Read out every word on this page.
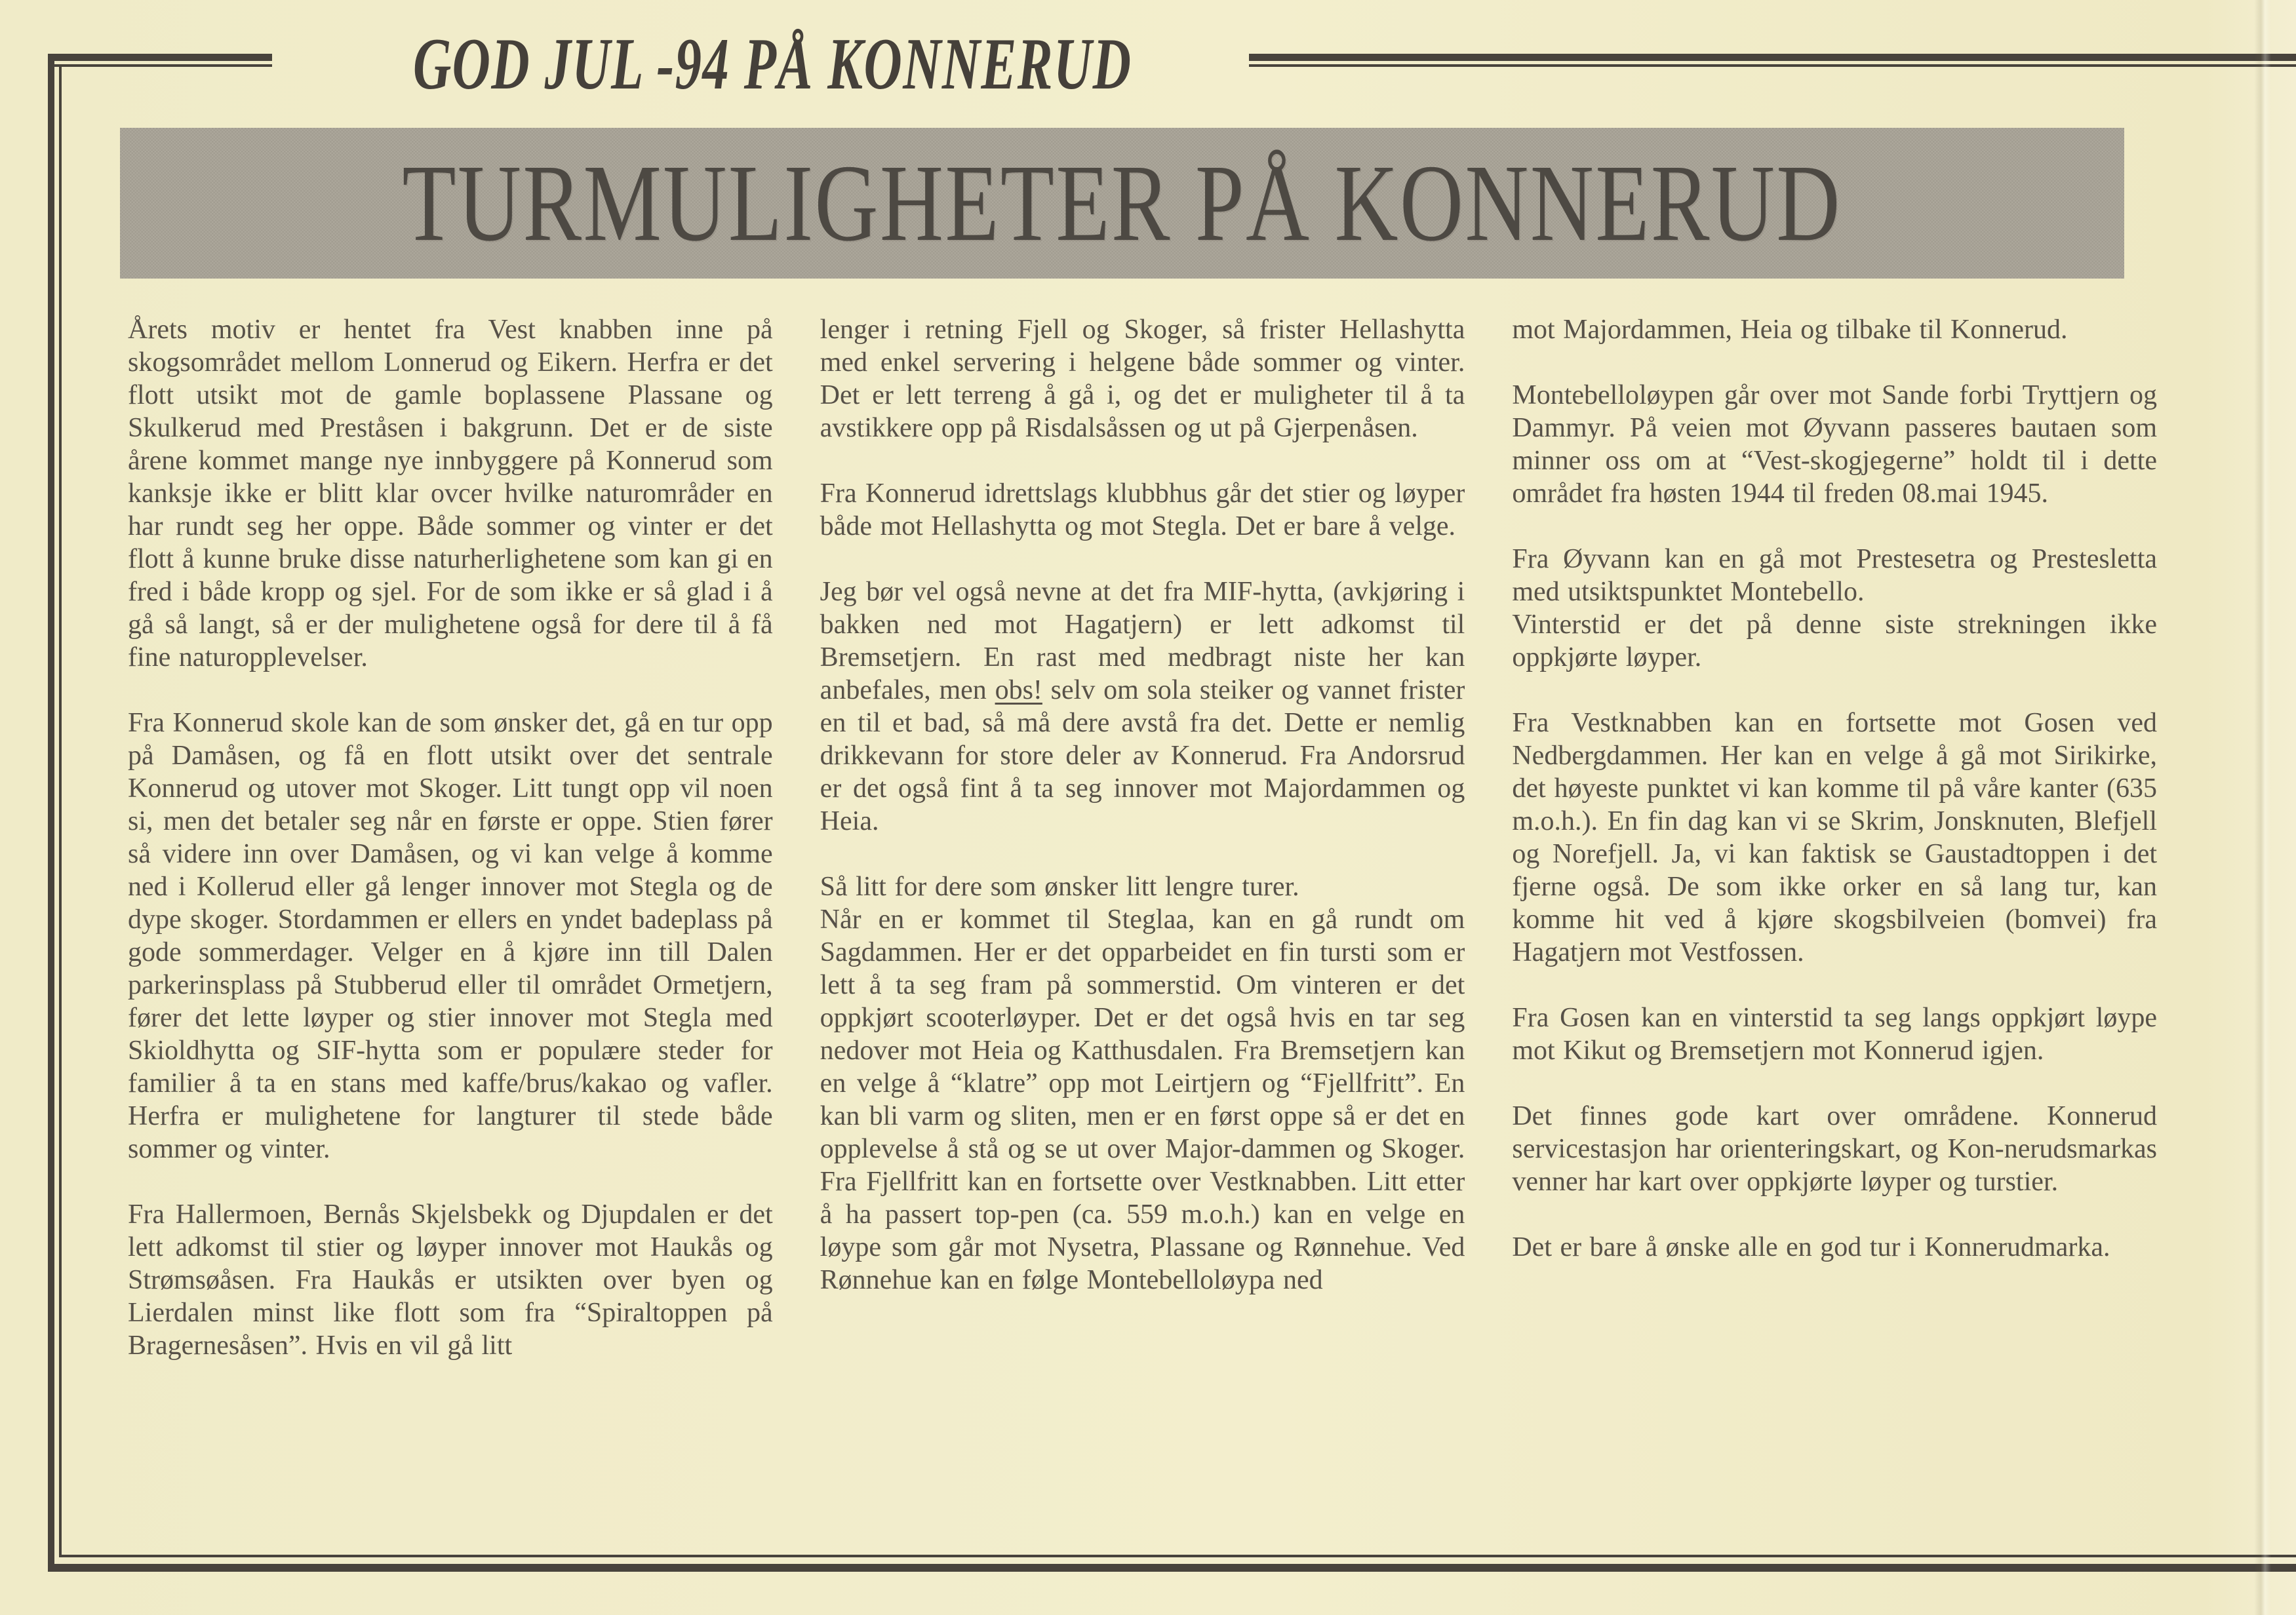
GOD JUL -94 PÅ KONNERUD
TURMULIGHETER PÅ KONNERUD

Årets motiv er hentet fra Vest knabben inne på skogsområdet mellom Lonnerud og Eikern. Herfra er det flott utsikt mot de gamle boplassene Plassane og Skulkerud med Preståsen i bakgrunn. Det er de siste årene kommet mange nye innbyggere på Konnerud som kanksje ikke er blitt klar ovcer hvilke naturområder en har rundt seg her oppe. Både sommer og vinter er det flott å kunne bruke disse naturherlighetene som kan gi en fred i både kropp og sjel. For de som ikke er så glad i å gå så langt, så er der mulighetene også for dere til å få fine naturopplevelser.

Fra Konnerud skole kan de som ønsker det, gå en tur opp på Damåsen, og få en flott utsikt over det sentrale Konnerud og utover mot Skoger. Litt tungt opp vil noen si, men det betaler seg når en første er oppe. Stien fører så videre inn over Damåsen, og vi kan velge å komme ned i Kollerud eller gå lenger innover mot Stegla og de dype skoger. Stordammen er ellers en yndet badeplass på gode sommerdager. Velger en å kjøre inn till Dalen parkerinsplass på Stubberud eller til området Ormetjern, fører det lette løyper og stier innover mot Stegla med Skioldhytta og SIF-hytta som er populære steder for familier å ta en stans med kaffe/brus/kakao og vafler. Herfra er mulighetene for langturer til stede både sommer og vinter.

Fra Hallermoen, Bernås Skjelsbekk og Djupdalen er det lett adkomst til stier og løyper innover mot Haukås og Strømsøåsen. Fra Haukås er utsikten over byen og Lierdalen minst like flott som fra “Spiraltoppen på Bragernesåsen”. Hvis en vil gå litt

lenger i retning Fjell og Skoger, så frister Hellashytta med enkel servering i helgene både sommer og vinter. Det er lett terreng å gå i, og det er muligheter til å ta avstikkere opp på Risdalsåssen og ut på Gjerpenåsen.

Fra Konnerud idrettslags klubbhus går det stier og løyper både mot Hellashytta og mot Stegla. Det er bare å velge.

Jeg bør vel også nevne at det fra MIF-hytta, (avkjøring i bakken ned mot Hagatjern) er lett adkomst til Bremsetjern. En rast med medbragt niste her kan anbefales, men obs! selv om sola steiker og vannet frister en til et bad, så må dere avstå fra det. Dette er nemlig drikkevann for store deler av Konnerud. Fra Andorsrud er det også fint å ta seg innover mot Majordammen og Heia.

Så litt for dere som ønsker litt lengre turer.
Når en er kommet til Steglaa, kan en gå rundt om Sagdammen. Her er det opparbeidet en fin tursti som er lett å ta seg fram på sommerstid. Om vinteren er det oppkjørt scooterløyper. Det er det også hvis en tar seg nedover mot Heia og Katthusdalen. Fra Bremsetjern kan en velge å “klatre” opp mot Leirtjern og “Fjellfritt”. En kan bli varm og sliten, men er en først oppe så er det en opplevelse å stå og se ut over Major-dammen og Skoger. Fra Fjellfritt kan en fortsette over Vestknabben. Litt etter å ha passert top-pen (ca. 559 m.o.h.) kan en velge en løype som går mot Nysetra, Plassane og Rønnehue. Ved Rønnehue kan en følge Montebelloløypa ned

mot Majordammen, Heia og tilbake til Konnerud.

Montebelloløypen går over mot Sande forbi Tryttjern og Dammyr. På veien mot Øyvann passeres bautaen som minner oss om at “Vest-skogjegerne” holdt til i dette området fra høsten 1944 til freden 08.mai 1945.

Fra Øyvann kan en gå mot Prestesetra og Prestesletta med utsiktspunktet Montebello.
Vinterstid er det på denne siste strekningen ikke oppkjørte løyper.

Fra Vestknabben kan en fortsette mot Gosen ved Nedbergdammen. Her kan en velge å gå mot Sirikirke, det høyeste punktet vi kan komme til på våre kanter (635 m.o.h.). En fin dag kan vi se Skrim, Jonsknuten, Blefjell og Norefjell. Ja, vi kan faktisk se Gaustadtoppen i det fjerne også. De som ikke orker en så lang tur, kan komme hit ved å kjøre skogsbilveien (bomvei) fra Hagatjern mot Vestfossen.

Fra Gosen kan en vinterstid ta seg langs oppkjørt løype mot Kikut og Bremsetjern mot Konnerud igjen.

Det finnes gode kart over områdene. Konnerud servicestasjon har orienteringskart, og Kon-nerudsmarkas venner har kart over oppkjørte løyper og turstier.

Det er bare å ønske alle en god tur i Konnerudmarka.
